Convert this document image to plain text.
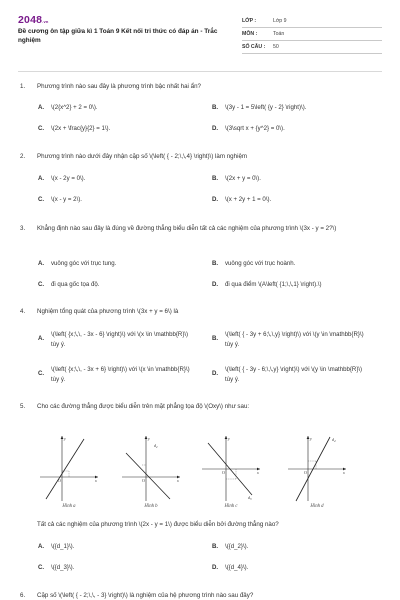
2048.vn
Đề cương ôn tập giữa kì 1 Toán 9 Kết nối tri thức có đáp án - Trắc nghiệm
LỚP :	Lớp 9
MÔN :	Toán
SỐ CÂU : 50
1. Phương trình nào sau đây là phương trình bậc nhất hai ẩn?
A. \(2{x^2} + 2 = 0\).	B. \(3y - 1 = 5\left( {y - 2} \right)\).
C. \(2x + \frac{y}{2} = 1\).	D. \(3\sqrt x + {y^2} = 0\).
2. Phương trình nào dưới đây nhận cặp số \(\left( { - 2;\,\,4} \right)\) làm nghiệm
A. \(x - 2y = 0\).	B. \(2x + y = 0\).
C. \(x - y = 2\).	D. \(x + 2y + 1 = 0\).
3. Khẳng định nào sau đây là đúng về đường thẳng biểu diễn tất cả các nghiệm của phương trình \(3x - y = 2?\)
A. vuông góc với trục tung.	B. vuông góc với trục hoành.
C. đi qua gốc tọa độ.	D. đi qua điểm \(A\left( {1;\,\,1} \right).\)
4. Nghiệm tổng quát của phương trình \(3x + y = 6\) là
A.
\(\left( {x;\,\, - 3x - 6} \right)\) với \(x \in \mathbb{R}\) tùy ý.
B.
\(\left( { - 3y + 6;\,\,y} \right)\) với \(y \in \mathbb{R}\) tùy ý.
C.
\(\left( {x;\,\, - 3x + 6} \right)\) với \(x \in \mathbb{R}\) tùy ý.
D.
\(\left( { - 3y - 6;\,\,y} \right)\) với \(y \in \mathbb{R}\) tùy ý.
5. Cho các đường thẳng được biểu diễn trên mặt phẳng tọa độ \(Oxy\) như sau:
O	x
y
Hình a
O	x
y
$d_2$
Hình b
O	x
y
$d_3$
Hình c
O	x
y	$d_4$
Hình d
Tất cả các nghiệm của phương trình \(2x - y = 1\) được biểu diễn bởi đường thẳng nào?
A. \({d_1}\).	B. \({d_2}\).
C. \({d_3}\).	D. \({d_4}\).
6. Cặp số \(\left( { - 2;\,\, - 3} \right)\) là nghiệm của hệ phương trình nào sau đây?
